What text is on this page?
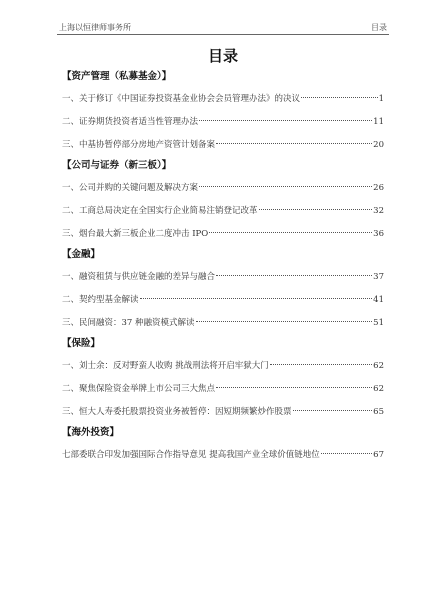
上海以恒律师事务所	目录
目录
【资产管理（私募基金）】
一、关于修订《中国证券投资基金业协会会员管理办法》的决议	1
二、证券期货投资者适当性管理办法	11
三、中基协暂停部分房地产资管计划备案	20
【公司与证券（新三板）】
一、公司并购的关键问题及解决方案	26
二、工商总局决定在全国实行企业简易注销登记改革	32
三、烟台最大新三板企业二度冲击 IPO	36
【金融】
一、融资租赁与供应链金融的差异与融合	37
二、契约型基金解读	41
三、民间融资：37 种融资模式解读	51
【保险】
一、刘士余：反对野蛮人收购 挑战刑法将开启牢狱大门	62
二、聚焦保险资金举牌上市公司三大焦点	62
三、恒大人寿委托股票投资业务被暂停：因短期频繁炒作股票	65
【海外投资】
七部委联合印发加强国际合作指导意见 提高我国产业全球价值链地位	67
